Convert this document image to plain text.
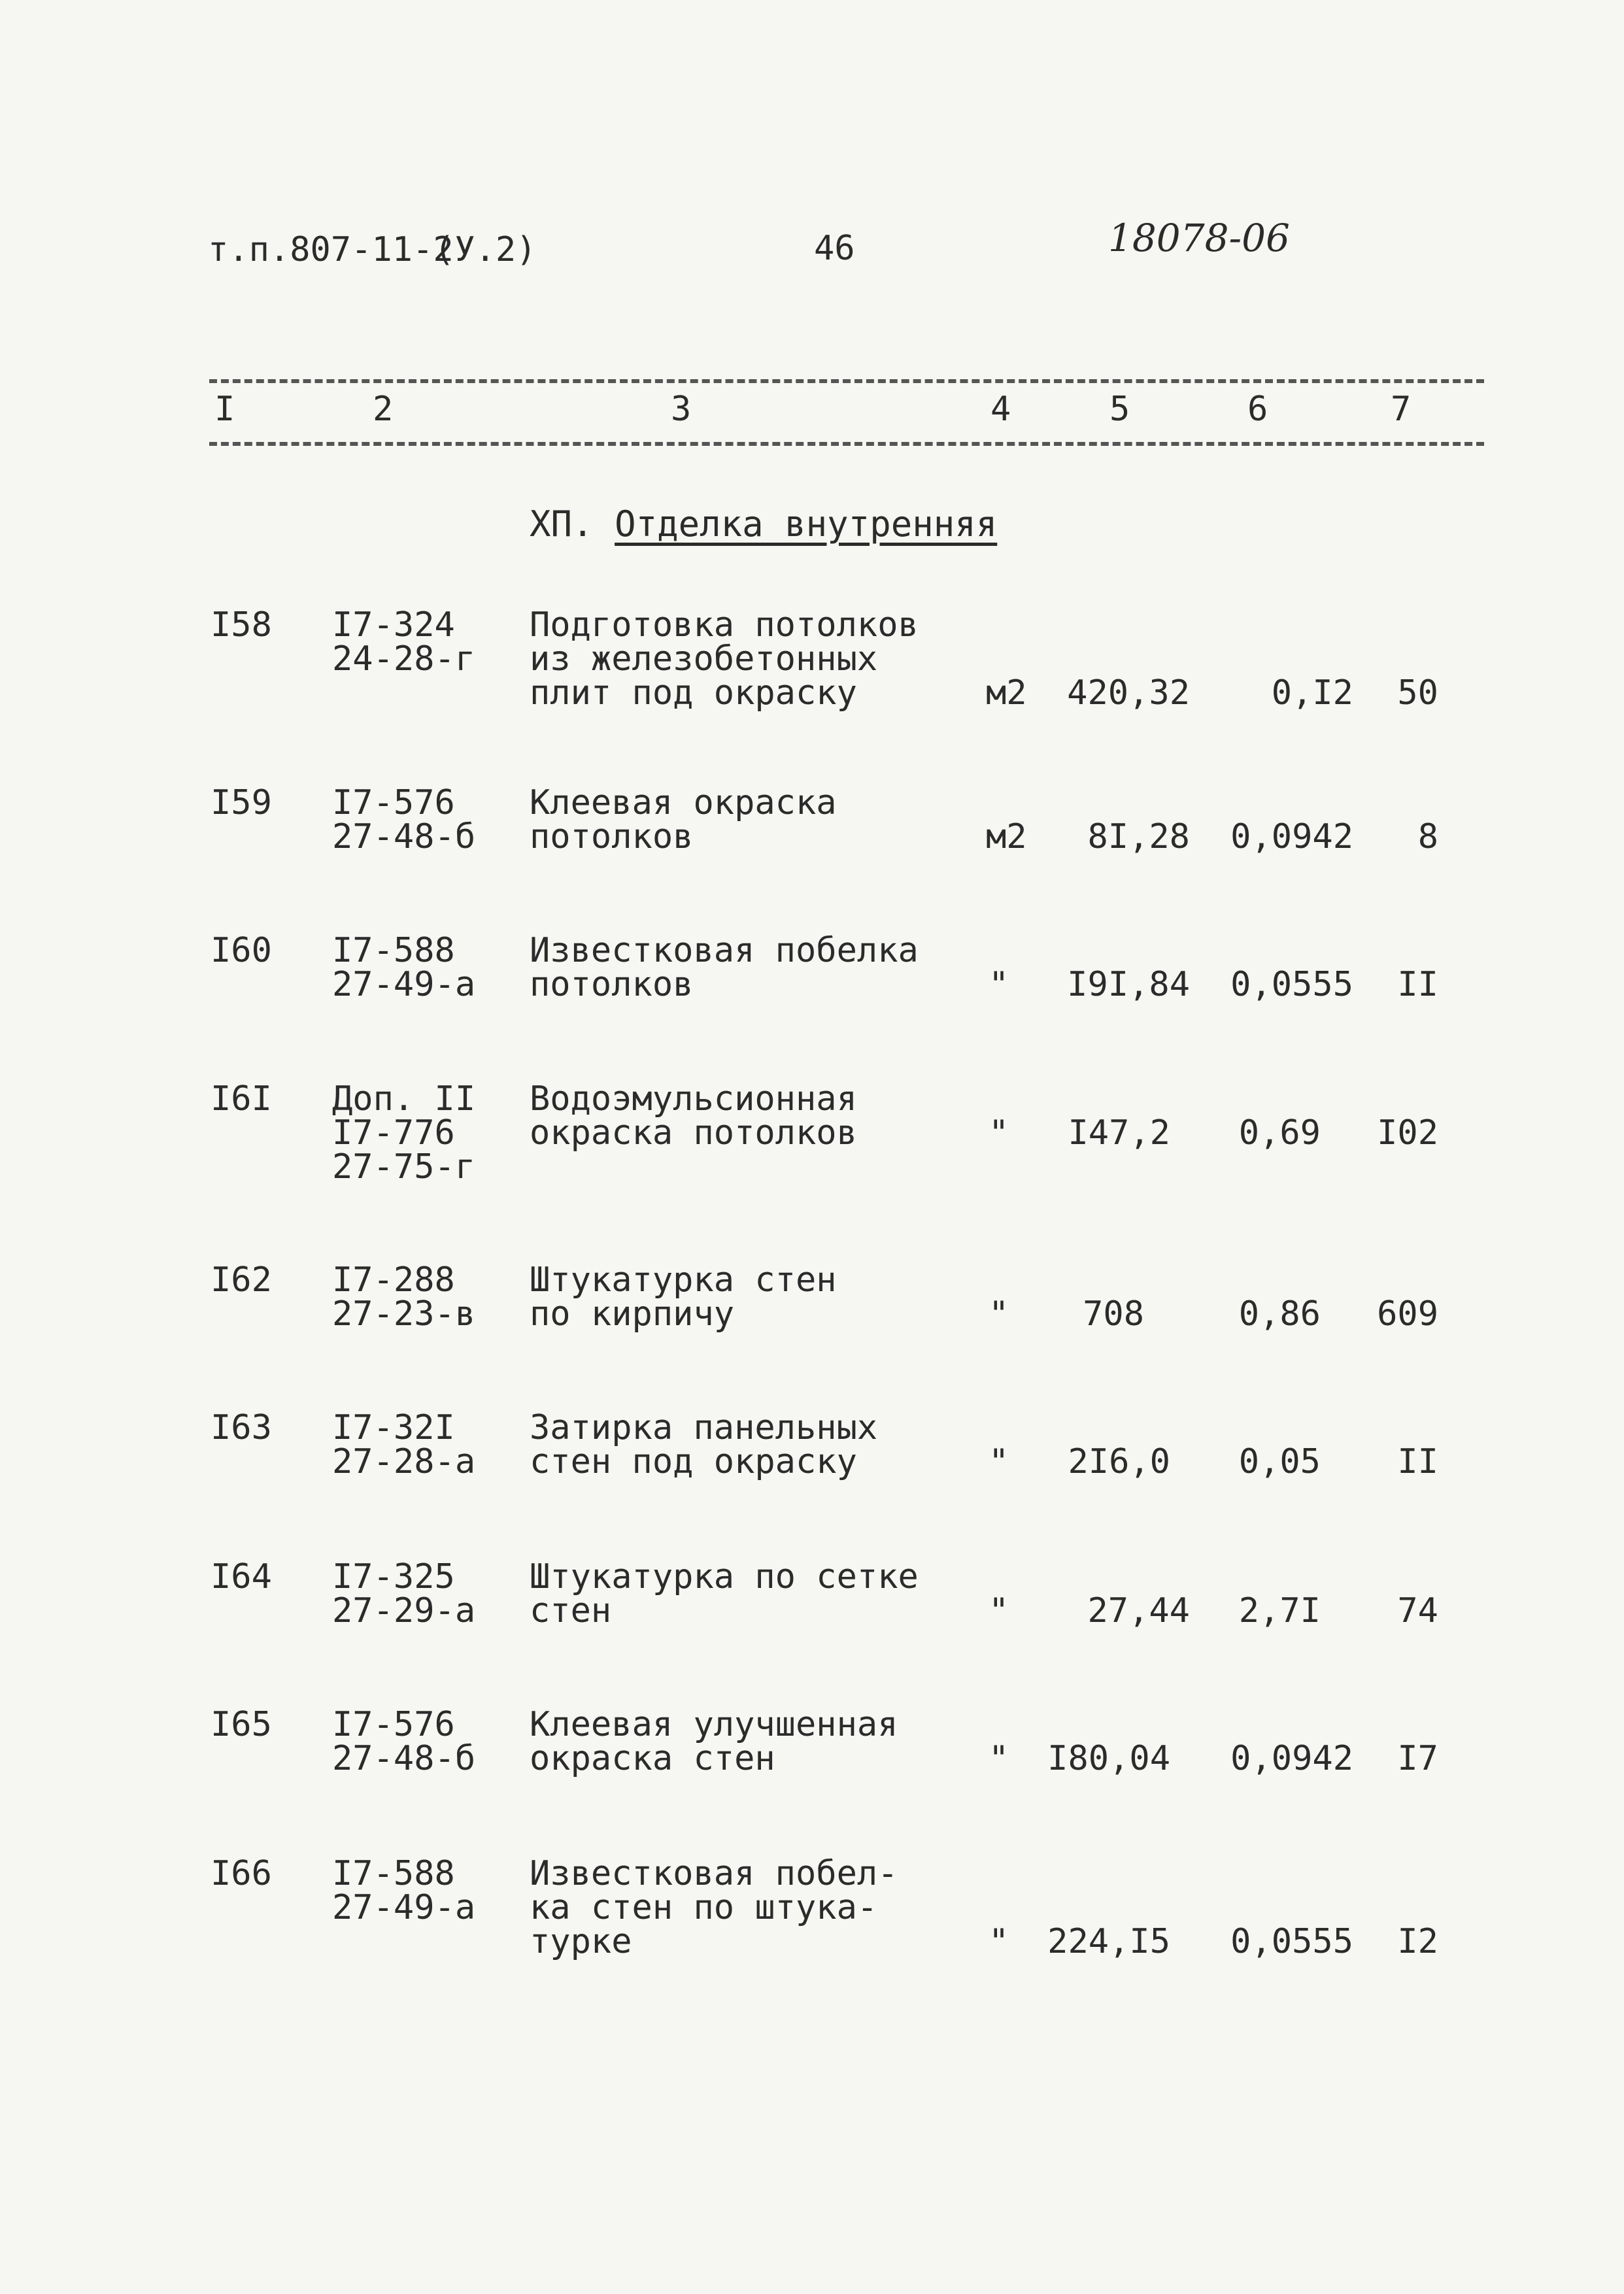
т.п.807-11-2
(У.2)	46	18078-06
I	2	3	4	5	6	7
ХП. Отделка внутренняя
I58 I7-324
24-28-г
Подготовка потолков
из железобетонных
плит под окраску	м2	420,32	0,I2	50
I59 I7-576
27-48-б
Клеевая окраска
потолков	м2	8I,28	0,0942	8
I60 I7-588
27-49-а
Известковая побелка
потолков	"	I9I,84	0,0555	II
I6I Доп. II
I7-776
27-75-г
Водоэмульсионная
окраска потолков	"	I47,2	0,69	I02
I62 I7-288
27-23-в
Штукатурка стен
по кирпичу	"	708	0,86	609
I63 I7-32I
27-28-а
Затирка панельных
стен под окраску	"	2I6,0	0,05	II
I64 I7-325
27-29-а
Штукатурка по сетке
стен	"	27,44	2,7I	74
I65 I7-576
27-48-б
Клеевая улучшенная
окраска стен	" I80,04	0,0942	I7
I66 I7-588
27-49-а
Известковая побел-
ка стен по штука-
турке	" 224,I5	0,0555	I2
